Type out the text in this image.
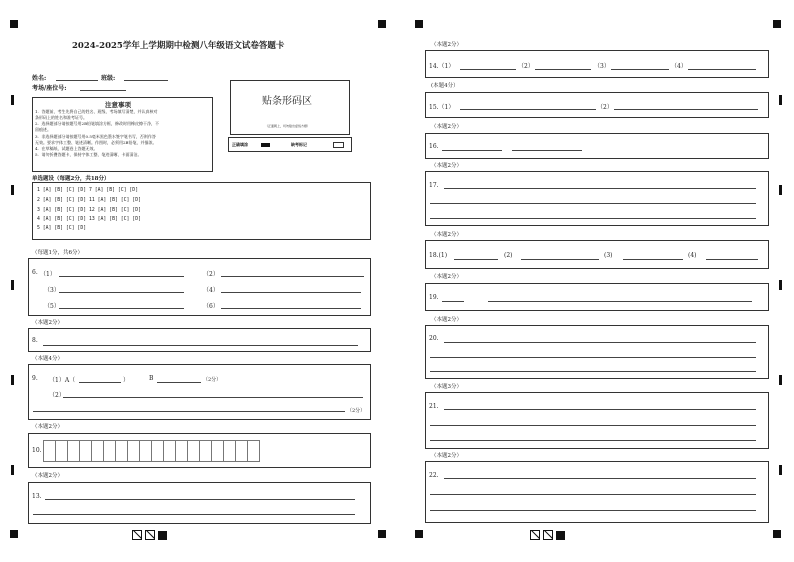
2024-2025学年上学期期中检测八年级语文试卷答题卡
姓名:	班级:
考场/座位号:
注意事项
1．答题前，考生先将自己的姓名、班级、考场填写清楚，并认真核对
条形码上的姓名和准考证号。
2．选择题部分请按题号用2B铅笔填涂方框，修改时用橡皮擦干净，不
留痕迹。
3．非选择题部分请按题号用0.5毫米黑色墨水签字笔书写，否则作答
无效。要求字体工整、笔迹清晰。作图时，必须用2B铅笔，并描浓。
4．在草稿纸、试题卷上答题无效。
5．请勿折叠答题卡，保持字体工整、笔迹清晰、卡面清洁。
贴条形码区
（正面朝上，切勿贴出虚线方框）
正确填涂	缺考标记
单选题设（每题2分，共18分）
1 [A] [B] [C] [D] 7 [A] [B] [C] [D]
2 [A] [B] [C] [D] 11 [A] [B] [C] [D]
3 [A] [B] [C] [D] 12 [A] [B] [C] [D]
4 [A] [B] [C] [D] 13 [A] [B] [C] [D]
5 [A] [B] [C] [D]
（每题1分，共6分）
6. （1）	（2）
（3）	（4）
（5）	（6）
（本题2分）
8.
（本题4分）
9. （1）A（	）	B	（2分）
（2）
（2分）
（本题2分）
10.
（本题2分）
13.
（本题2分）
14.（1）	（2）	（3）	（4）
(本题4分）
15.（1）	（2）
（本题2分）
16.
（本题2分）
17.
（本题2分）
18.(1)	(2)	(3)	(4)
（本题2分）
19.
（本题2分）
20.
（本题3分）
21.
（本题2分）
22.
